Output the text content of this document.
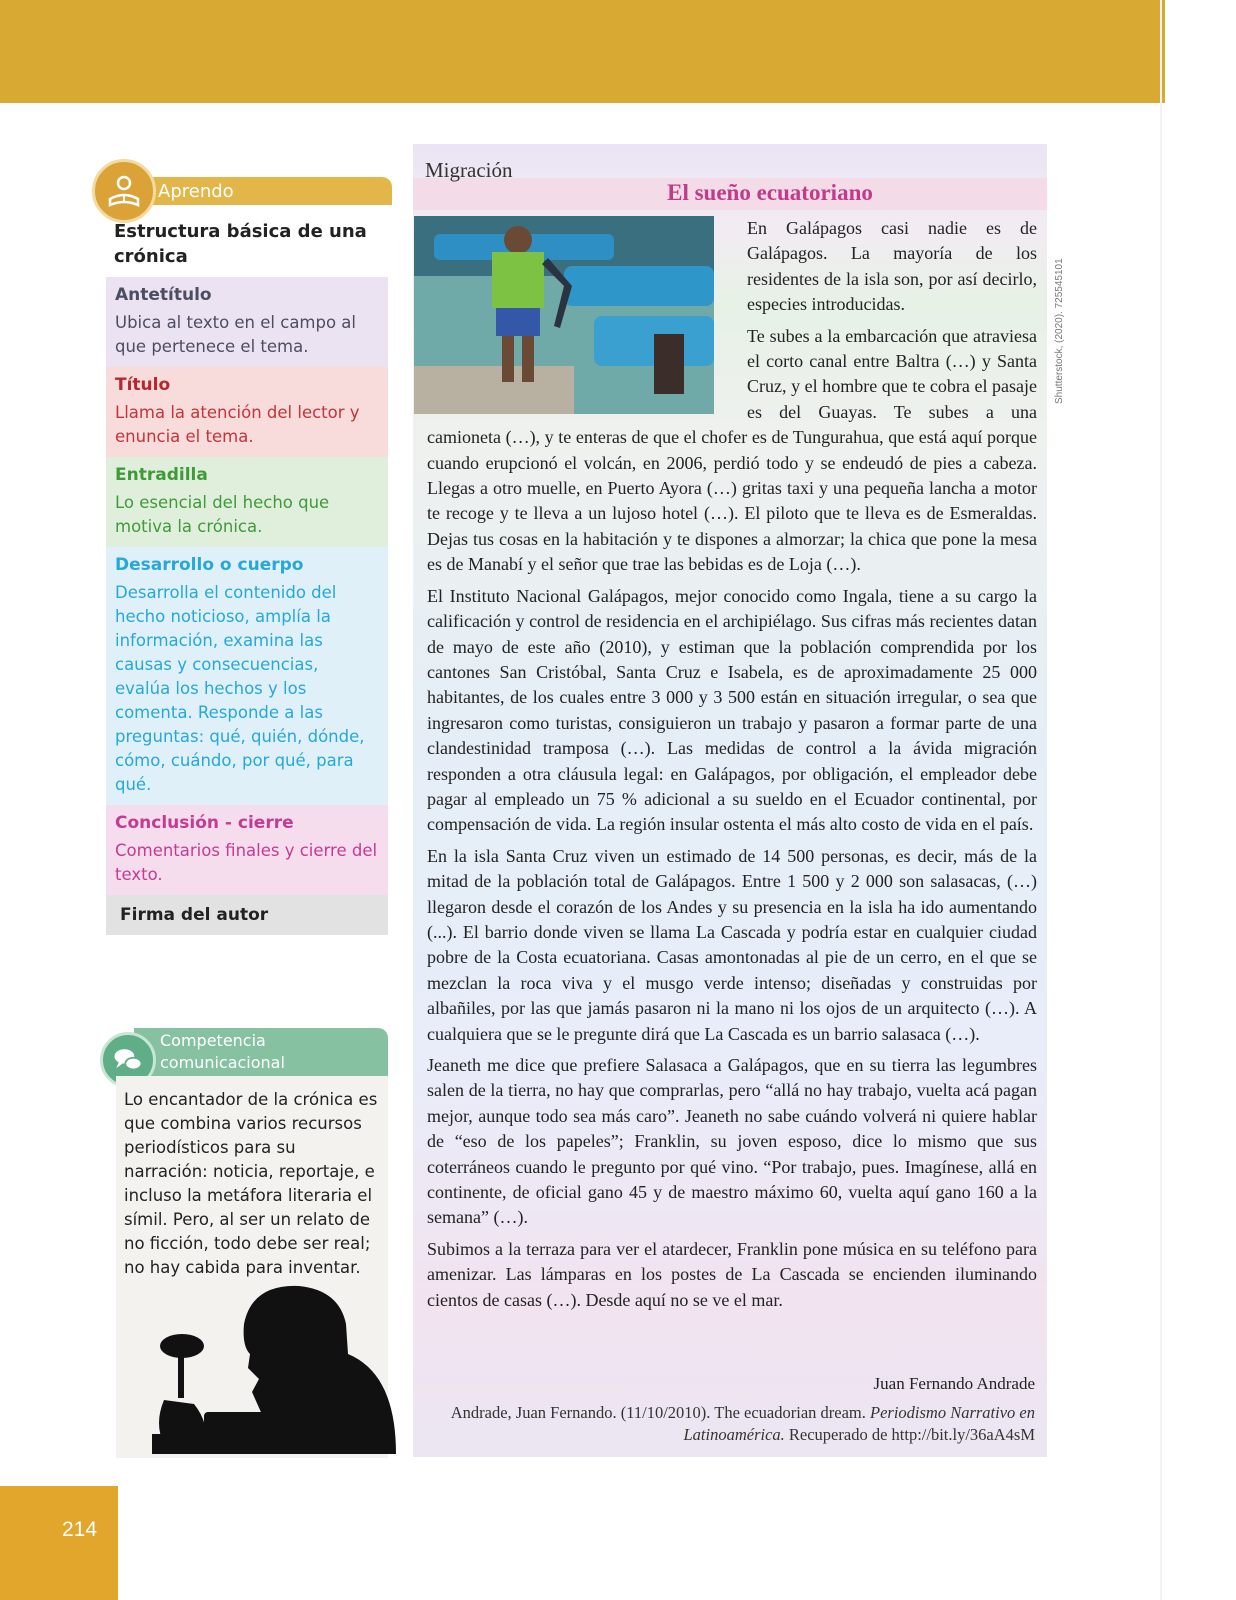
Aprendo
Estructura básica de una crónica
Antetítulo
Ubica al texto en el campo al que pertenece el tema.
Título
Llama la atención del lector y enuncia el tema.
Entradilla
Lo esencial del hecho que motiva la crónica.
Desarrollo o cuerpo
Desarrolla el contenido del hecho noticioso, amplía la información, examina las causas y consecuencias, evalúa los hechos y los comenta. Responde a las preguntas: qué, quién, dónde, cómo, cuándo, por qué, para qué.
Conclusión - cierre
Comentarios finales y cierre del texto.
Firma del autor
Competencia comunicacional
Lo encantador de la crónica es que combina varios recursos periodísticos para su narración: noticia, reportaje, e incluso la metáfora literaria el símil. Pero, al ser un relato de no ficción, todo debe ser real; no hay cabida para inventar.
Migración
El sueño ecuatoriano

En Galápagos casi nadie es de Galápagos. La mayoría de los residentes de la isla son, por así decirlo, especies introducidas.

Te subes a la embarcación que atraviesa el corto canal entre Baltra (…) y Santa Cruz, y el hombre que te cobra el pasaje es del Guayas. Te subes a una camioneta (…), y te enteras de que el chofer es de Tungurahua, que está aquí porque cuando erupcionó el volcán, en 2006, perdió todo y se endeudó de pies a cabeza. Llegas a otro muelle, en Puerto Ayora (…) gritas taxi y una pequeña lancha a motor te recoge y te lleva a un lujoso hotel (…). El piloto que te lleva es de Esmeraldas. Dejas tus cosas en la habitación y te dispones a almorzar; la chica que pone la mesa es de Manabí y el señor que trae las bebidas es de Loja (…).

El Instituto Nacional Galápagos, mejor conocido como Ingala, tiene a su cargo la calificación y control de residencia en el archipiélago. Sus cifras más recientes datan de mayo de este año (2010), y estiman que la población comprendida por los cantones San Cristóbal, Santa Cruz e Isabela, es de aproximadamente 25 000 habitantes, de los cuales entre 3 000 y 3 500 están en situación irregular, o sea que ingresaron como turistas, consiguieron un trabajo y pasaron a formar parte de una clandestinidad tramposa (…). Las medidas de control a la ávida migración responden a otra cláusula legal: en Galápagos, por obligación, el empleador debe pagar al empleado un 75 % adicional a su sueldo en el Ecuador continental, por compensación de vida. La región insular ostenta el más alto costo de vida en el país.

En la isla Santa Cruz viven un estimado de 14 500 personas, es decir, más de la mitad de la población total de Galápagos. Entre 1 500 y 2 000 son salasacas, (…) llegaron desde el corazón de los Andes y su presencia en la isla ha ido aumentando (...). El barrio donde viven se llama La Cascada y podría estar en cualquier ciudad pobre de la Costa ecuatoriana. Casas amontonadas al pie de un cerro, en el que se mezclan la roca viva y el musgo verde intenso; diseñadas y construidas por albañiles, por las que jamás pasaron ni la mano ni los ojos de un arquitecto (…). A cualquiera que se le pregunte dirá que La Cascada es un barrio salasaca (…).

Jeaneth me dice que prefiere Salasaca a Galápagos, que en su tierra las legumbres salen de la tierra, no hay que comprarlas, pero “allá no hay trabajo, vuelta acá pagan mejor, aunque todo sea más caro”. Jeaneth no sabe cuándo volverá ni quiere hablar de “eso de los papeles”; Franklin, su joven esposo, dice lo mismo que sus coterráneos cuando le pregunto por qué vino. “Por trabajo, pues. Imagínese, allá en continente, de oficial gano 45 y de maestro máximo 60, vuelta aquí gano 160 a la semana” (…).

Subimos a la terraza para ver el atardecer, Franklin pone música en su teléfono para amenizar. Las lámparas en los postes de La Cascada se encienden iluminando cientos de casas (…). Desde aquí no se ve el mar.

Juan Fernando Andrade
Andrade, Juan Fernando. (11/10/2010). The ecuadorian dream. Periodismo Narrativo en Latinoamérica. Recuperado de http://bit.ly/36aA4sM
Shutterstock, (2020). 725545101
214
